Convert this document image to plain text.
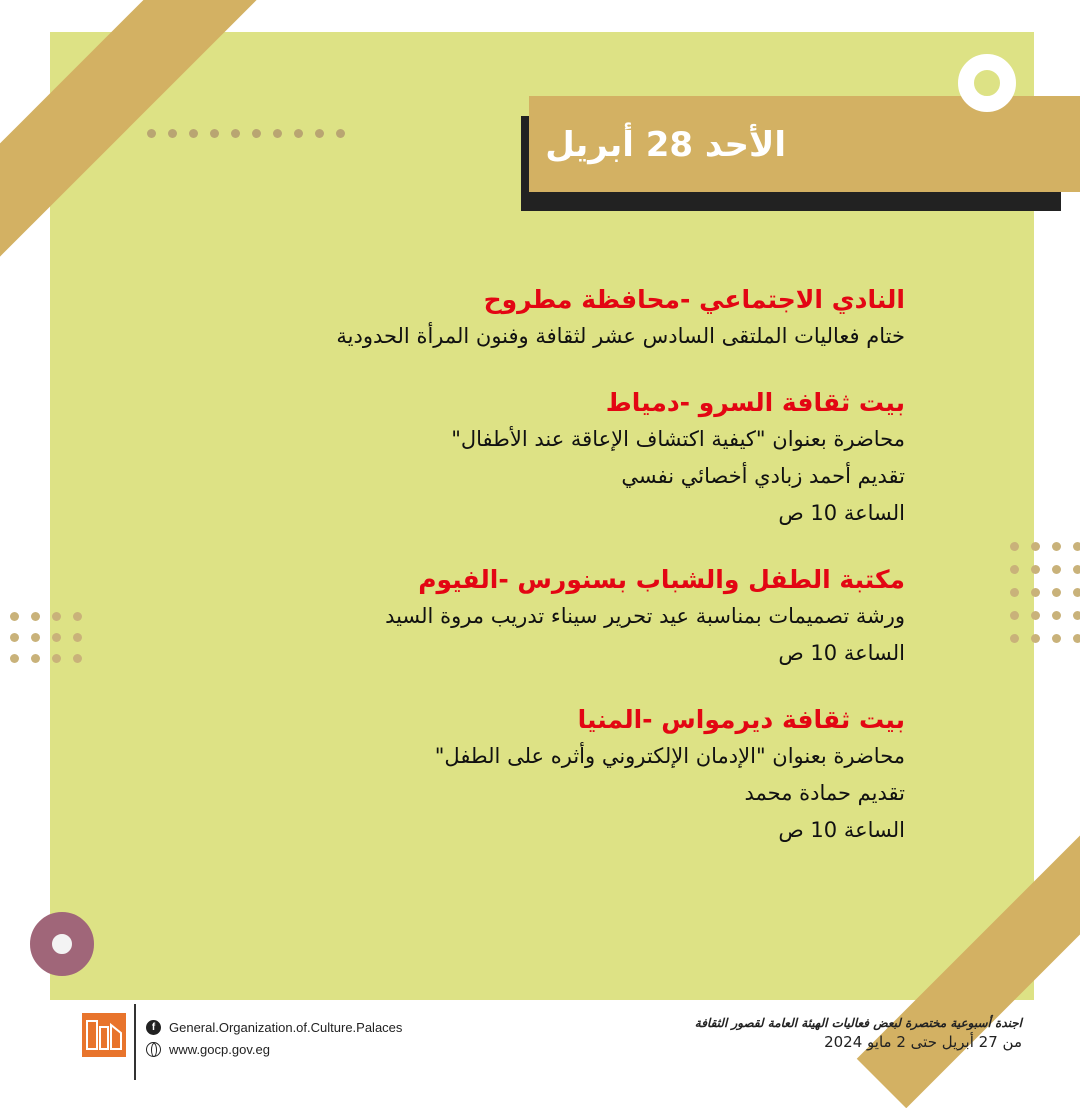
الأحد 28 أبريل
النادي الاجتماعي -محافظة مطروح
ختام فعاليات الملتقى السادس عشر لثقافة وفنون المرأة الحدودية
بيت ثقافة السرو -دمياط
محاضرة بعنوان "كيفية اكتشاف الإعاقة عند الأطفال"
تقديم أحمد زبادي أخصائي نفسي
الساعة 10 ص
مكتبة الطفل والشباب بسنورس -الفيوم
ورشة تصميمات بمناسبة عيد تحرير سيناء تدريب مروة السيد
الساعة 10 ص
بيت ثقافة ديرمواس -المنيا
محاضرة بعنوان "الإدمان الإلكتروني وأثره على الطفل"
تقديم حمادة محمد
الساعة 10 ص
f	General.Organization.of.Culture.Palaces
www.gocp.gov.eg
اجندة أسبوعية مختصرة لبعض فعاليات الهيئة العامة لقصور الثقافة
من 27 أبريل حتى 2 مايو 2024
